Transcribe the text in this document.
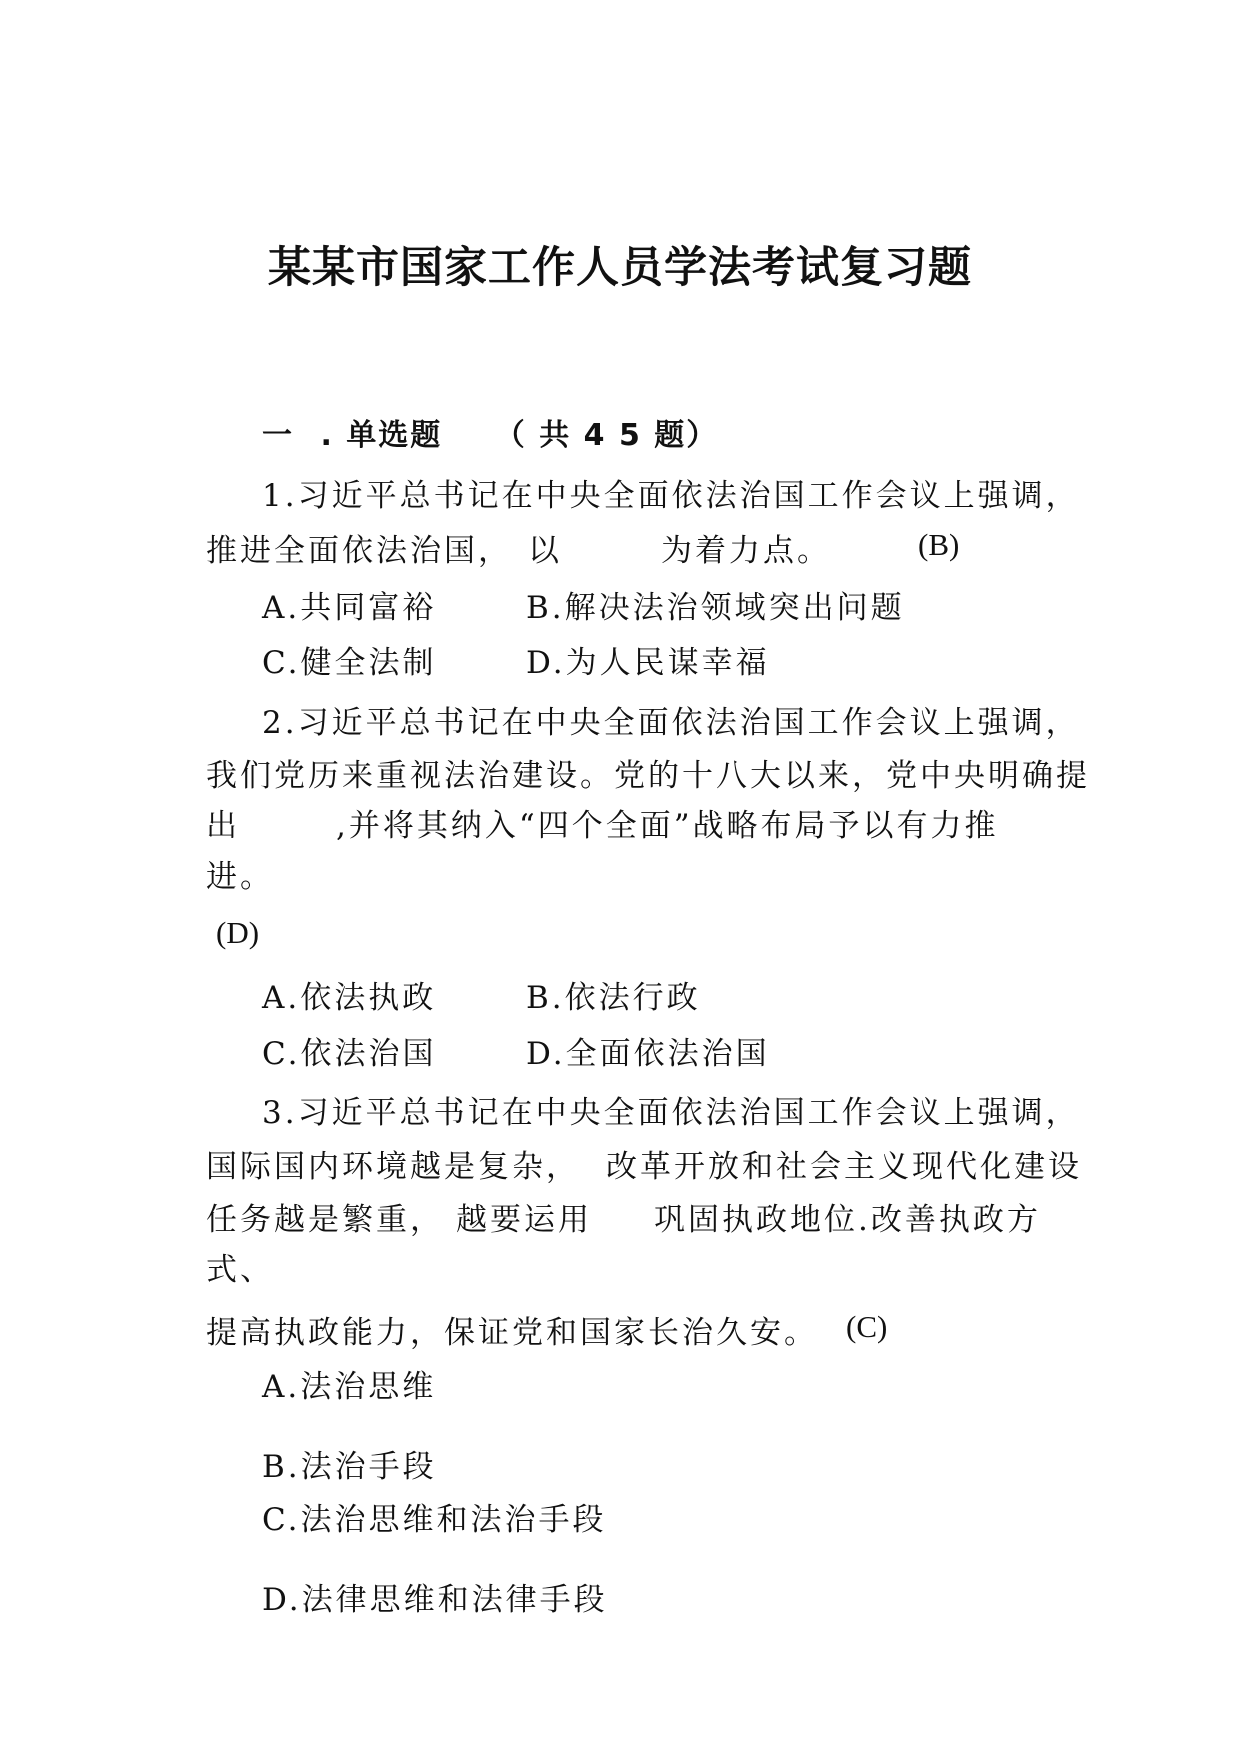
某某市国家工作人员学法考试复习题
一 . 单选题 （ 共 4 5 题）
1.习近平总书记在中央全面依法治国工作会议上强调，
推进全面依法治国， 以	为着力点。	(B)
A.共同富裕	B.解决法治领域突出问题
C.健全法制	D.为人民谋幸福
2.习近平总书记在中央全面依法治国工作会议上强调，
我们党历来重视法治建设。党的十八大以来，党中央明确提
出	,并将其纳入“四个全面”战略布局予以有力推
进。
(D)
A.依法执政	B.依法行政
C.依法治国	D.全面依法治国
3.习近平总书记在中央全面依法治国工作会议上强调，
国际国内环境越是复杂， 改革开放和社会主义现代化建设
任务越是繁重， 越要运用 巩固执政地位.改善执政方
式、
提高执政能力，保证党和国家长治久安。 (C)
A.法治思维
B.法治手段
C.法治思维和法治手段
D.法律思维和法律手段
